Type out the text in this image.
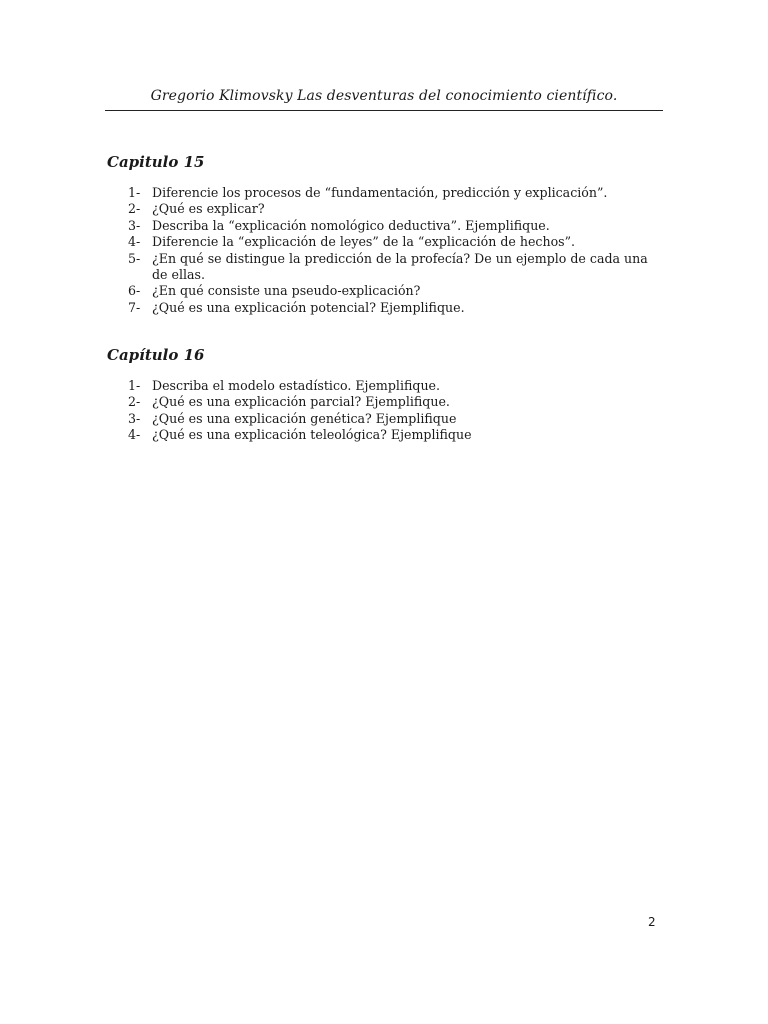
Gregorio Klimovsky Las desventuras del conocimiento científico.
Capitulo 15
1- Diferencie los procesos de “fundamentación, predicción y explicación”.
2- ¿Qué es explicar?
3- Describa la “explicación nomológico deductiva”. Ejemplifique.
4- Diferencie la “explicación de leyes” de la “explicación de hechos”.
5- ¿En qué se distingue la predicción de la profecía? De un ejemplo de cada una de ellas.
6- ¿En qué consiste una pseudo-explicación?
7- ¿Qué es una explicación potencial? Ejemplifique.
Capítulo 16
1- Describa el modelo estadístico. Ejemplifique.
2- ¿Qué es una explicación parcial? Ejemplifique.
3- ¿Qué es una explicación genética? Ejemplifique
4- ¿Qué es una explicación teleológica? Ejemplifique
2
